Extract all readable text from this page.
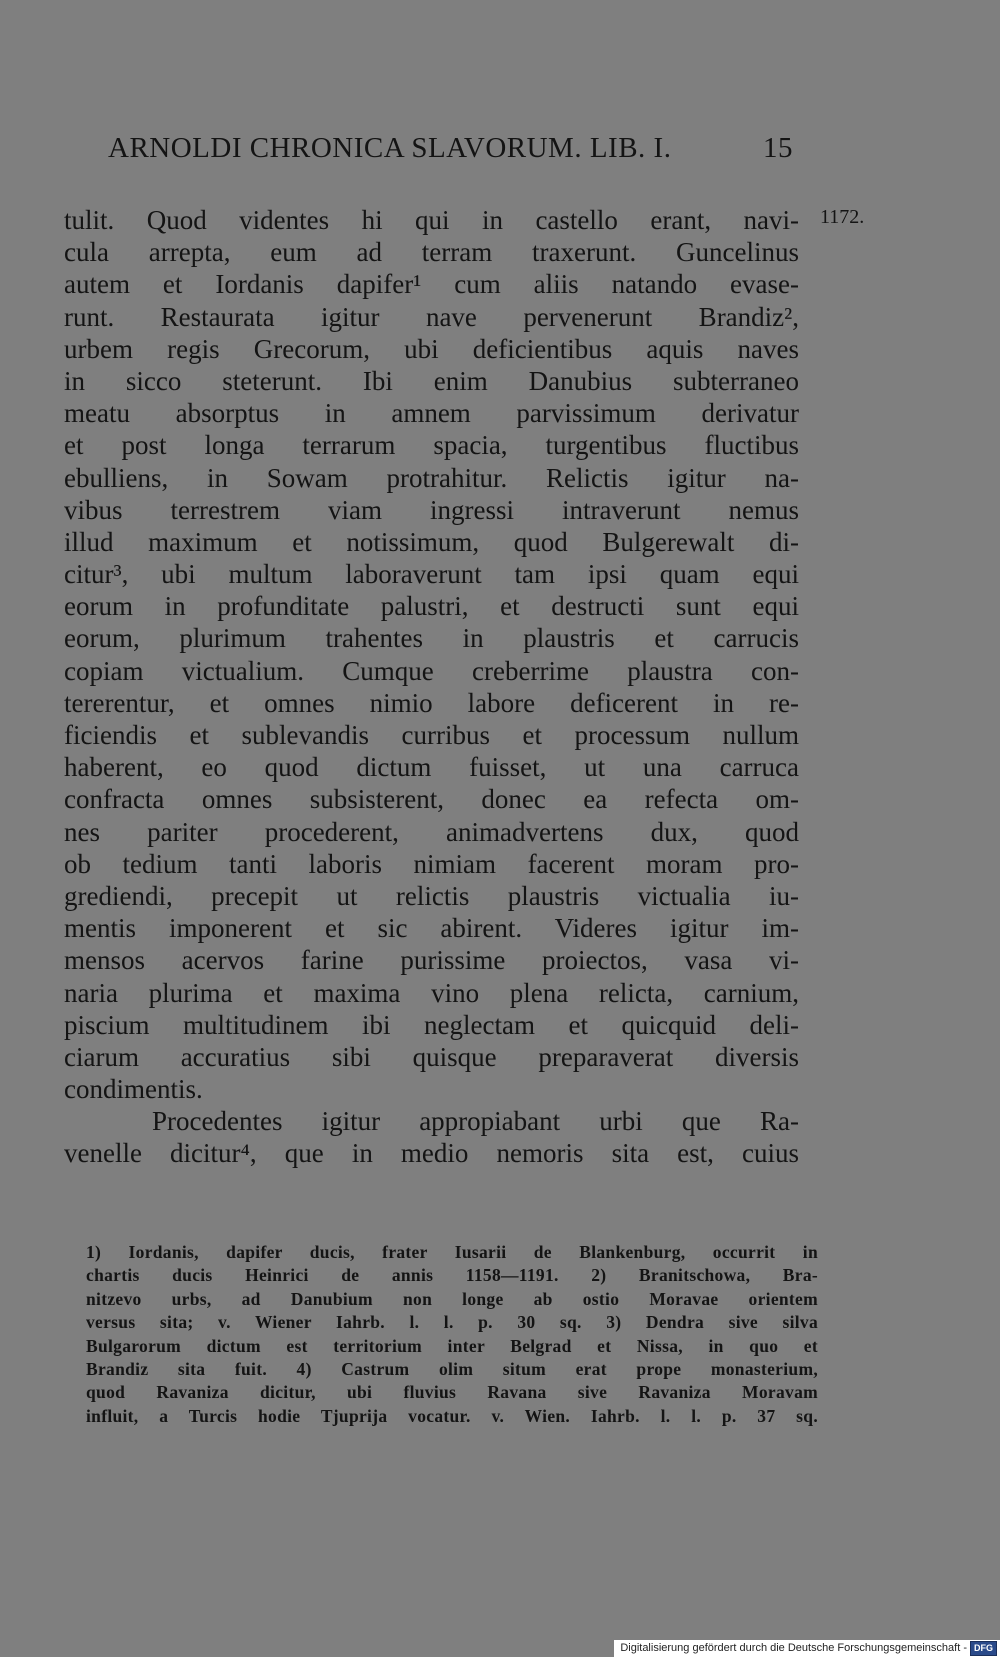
ARNOLDI CHRONICA SLAVORUM. LIB. I.	15
1172.
tulit. Quod videntes hi qui in castello erant, navi-
cula arrepta, eum ad terram traxerunt. Guncelinus
autem et Iordanis dapifer¹ cum aliis natando evase-
runt. Restaurata igitur nave pervenerunt Brandiz²,
urbem regis Grecorum, ubi deficientibus aquis naves
in sicco steterunt. Ibi enim Danubius subterraneo
meatu absorptus in amnem parvissimum derivatur
et post longa terrarum spacia, turgentibus fluctibus
ebulliens, in Sowam protrahitur. Relictis igitur na-
vibus terrestrem viam ingressi intraverunt nemus
illud maximum et notissimum, quod Bulgerewalt di-
citur³, ubi multum laboraverunt tam ipsi quam equi
eorum in profunditate palustri, et destructi sunt equi
eorum, plurimum trahentes in plaustris et carrucis
copiam victualium. Cumque creberrime plaustra con-
tererentur, et omnes nimio labore deficerent in re-
ficiendis et sublevandis curribus et processum nullum
haberent, eo quod dictum fuisset, ut una carruca
confracta omnes subsisterent, donec ea refecta om-
nes pariter procederent, animadvertens dux, quod
ob tedium tanti laboris nimiam facerent moram pro-
grediendi, precepit ut relictis plaustris victualia iu-
mentis imponerent et sic abirent. Videres igitur im-
mensos acervos farine purissime proiectos, vasa vi-
naria plurima et maxima vino plena relicta, carnium,
piscium multitudinem ibi neglectam et quicquid deli-
ciarum accuratius sibi quisque preparaverat diversis
condimentis.
Procedentes igitur appropiabant urbi que Ra-
venelle dicitur⁴, que in medio nemoris sita est, cuius
1) Iordanis, dapifer ducis, frater Iusarii de Blankenburg, occurrit in
chartis ducis Heinrici de annis 1158—1191. 2) Branitschowa, Bra-
nitzevo urbs, ad Danubium non longe ab ostio Moravae orientem
versus sita; v. Wiener Iahrb. l. l. p. 30 sq. 3) Dendra sive silva
Bulgarorum dictum est territorium inter Belgrad et Nissa, in quo et
Brandiz sita fuit. 4) Castrum olim situm erat prope monasterium,
quod Ravaniza dicitur, ubi fluvius Ravana sive Ravaniza Moravam
influit, a Turcis hodie Tjuprija vocatur. v. Wien. Iahrb. l. l. p. 37 sq.
Digitalisierung gefördert durch die Deutsche Forschungsgemeinschaft - DFG
